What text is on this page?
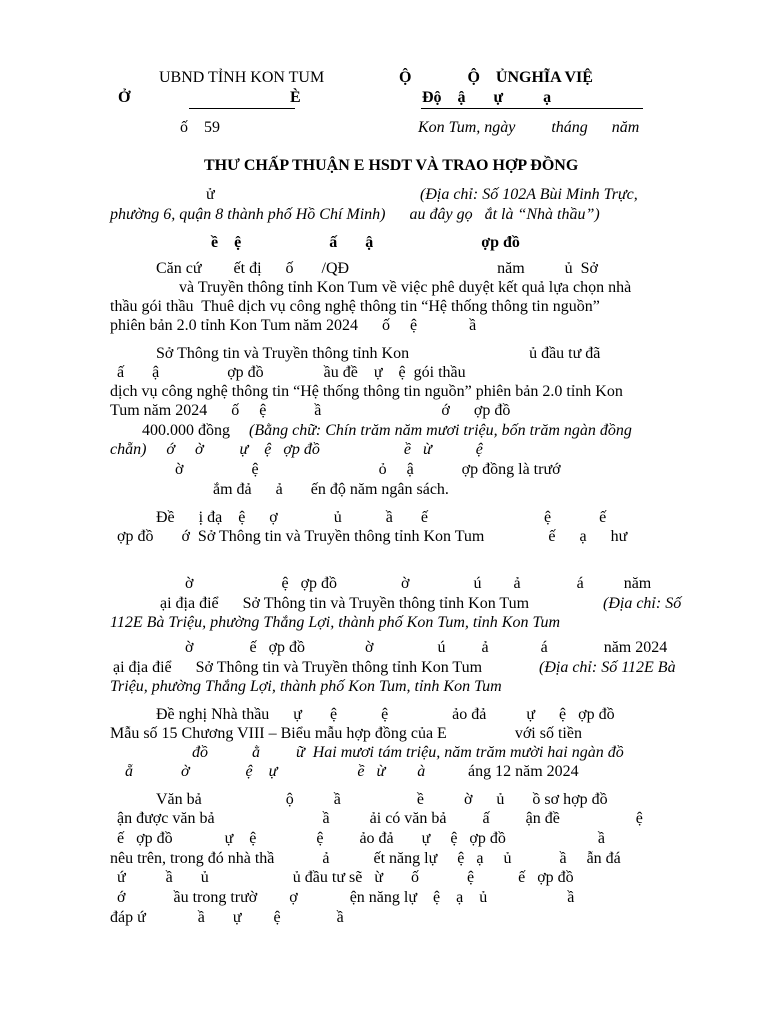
UBND TỈNH KON TUM

Ở	È

Ộ              Ộ    ỦNGHĨA VIỆ

Độ    ậ       ự          ạ

ố    59	Kon Tum, ngày         tháng      năm

THƯ CHẤP THUẬN E HSDT VÀ TRAO HỢP ĐỒNG

ử	(Địa chỉ: Số 102A Bùi Minh Trực,

phường 6, quận 8 thành phố Hồ Chí Minh)      au đây gọ   ắt là “Nhà thầu”)

ề    ệ                      ấ       ậ                           ợp đồ

Căn cứ        ết đị      ố       /QĐ                                     năm          ủ  Sở

và Truyền thông tỉnh Kon Tum về việc phê duyệt kết quả lựa chọn nhà

thầu gói thầu  Thuê dịch vụ công nghệ thông tin “Hệ thống thông tin nguồn”

phiên bản 2.0 tỉnh Kon Tum năm 2024      ố     ệ             ầ

Sở Thông tin và Truyền thông tỉnh Kon                              ủ đầu tư đã

ấ       ậ                 ợp đồ               ầu đề    ự    ệ  gói thầu

dịch vụ công nghệ thông tin “Hệ thống thông tin nguồn” phiên bản 2.0 tỉnh Kon

Tum năm 2024      ố     ệ            ầ                              ớ      ợp đồ

400.000 đồng (Bằng chữ: Chín trăm năm mươi triệu, bốn trăm ngàn đồng

chẵn)     ớ     ờ         ự    ệ   ợp đồ                     ề   ừ           ệ

ờ                 ệ                              ỏ     ậ            ợp đồng là trướ

ắm đả      ả       ến độ năm ngân sách.

Đề      ị đạ    ệ      ợ              ủ           ầ       ế                             ệ            ế

ợp đồ       ớ  Sở Thông tin và Truyền thông tỉnh Kon Tum                ế      ạ      hư

ờ                      ệ   ợp đồ                ờ                ú        ả              á          năm

ại địa điể      Sở Thông tin và Truyền thông tỉnh Kon Tum	(Địa chỉ: Số

112E Bà Triệu, phường Thắng Lợi, thành phố Kon Tum, tỉnh Kon Tum

ờ              ế   ợp đồ               ờ                ú         ả             á              năm 2024

ại địa điể      Sở Thông tin và Truyền thông tỉnh Kon Tum	(Địa chỉ: Số 112E Bà

Triệu, phường Thắng Lợi, thành phố Kon Tum, tỉnh Kon Tum

Đề nghị Nhà thầu      ự       ệ           ệ                ảo đả          ự      ệ   ợp đồ

Mẫu số 15 Chương VIII – Biểu mẫu hợp đồng của E                 với số tiền

đồ           ằ         ữ  Hai mươi tám triệu, năm trăm mười hai ngàn đồ

ẵ            ờ              ệ    ự                    ề   ừ        à

áng 12 năm 2024

Văn bả                     ộ          ầ                   ề          ờ      ủ       ồ sơ hợp đồ

ận được văn bả                           ầ          ải có văn bả         ấ         ận đề                   ệ

ế   ợp đồ             ự    ệ               ệ         ảo đả       ự     ệ   ợp đồ                       ầ

nêu trên, trong đó nhà thầ            ả           ết năng lự     ệ   ạ     ủ            ầ     ẫn đá

ứ          ầ       ủ                     ủ đầu tư sẽ   ừ       ố            ệ           ế   ợp đồ

ớ            ầu trong trườ        ợ             ện năng lự    ệ    ạ    ủ                    ầ

đáp ứ             ầ       ự        ệ              ầ
